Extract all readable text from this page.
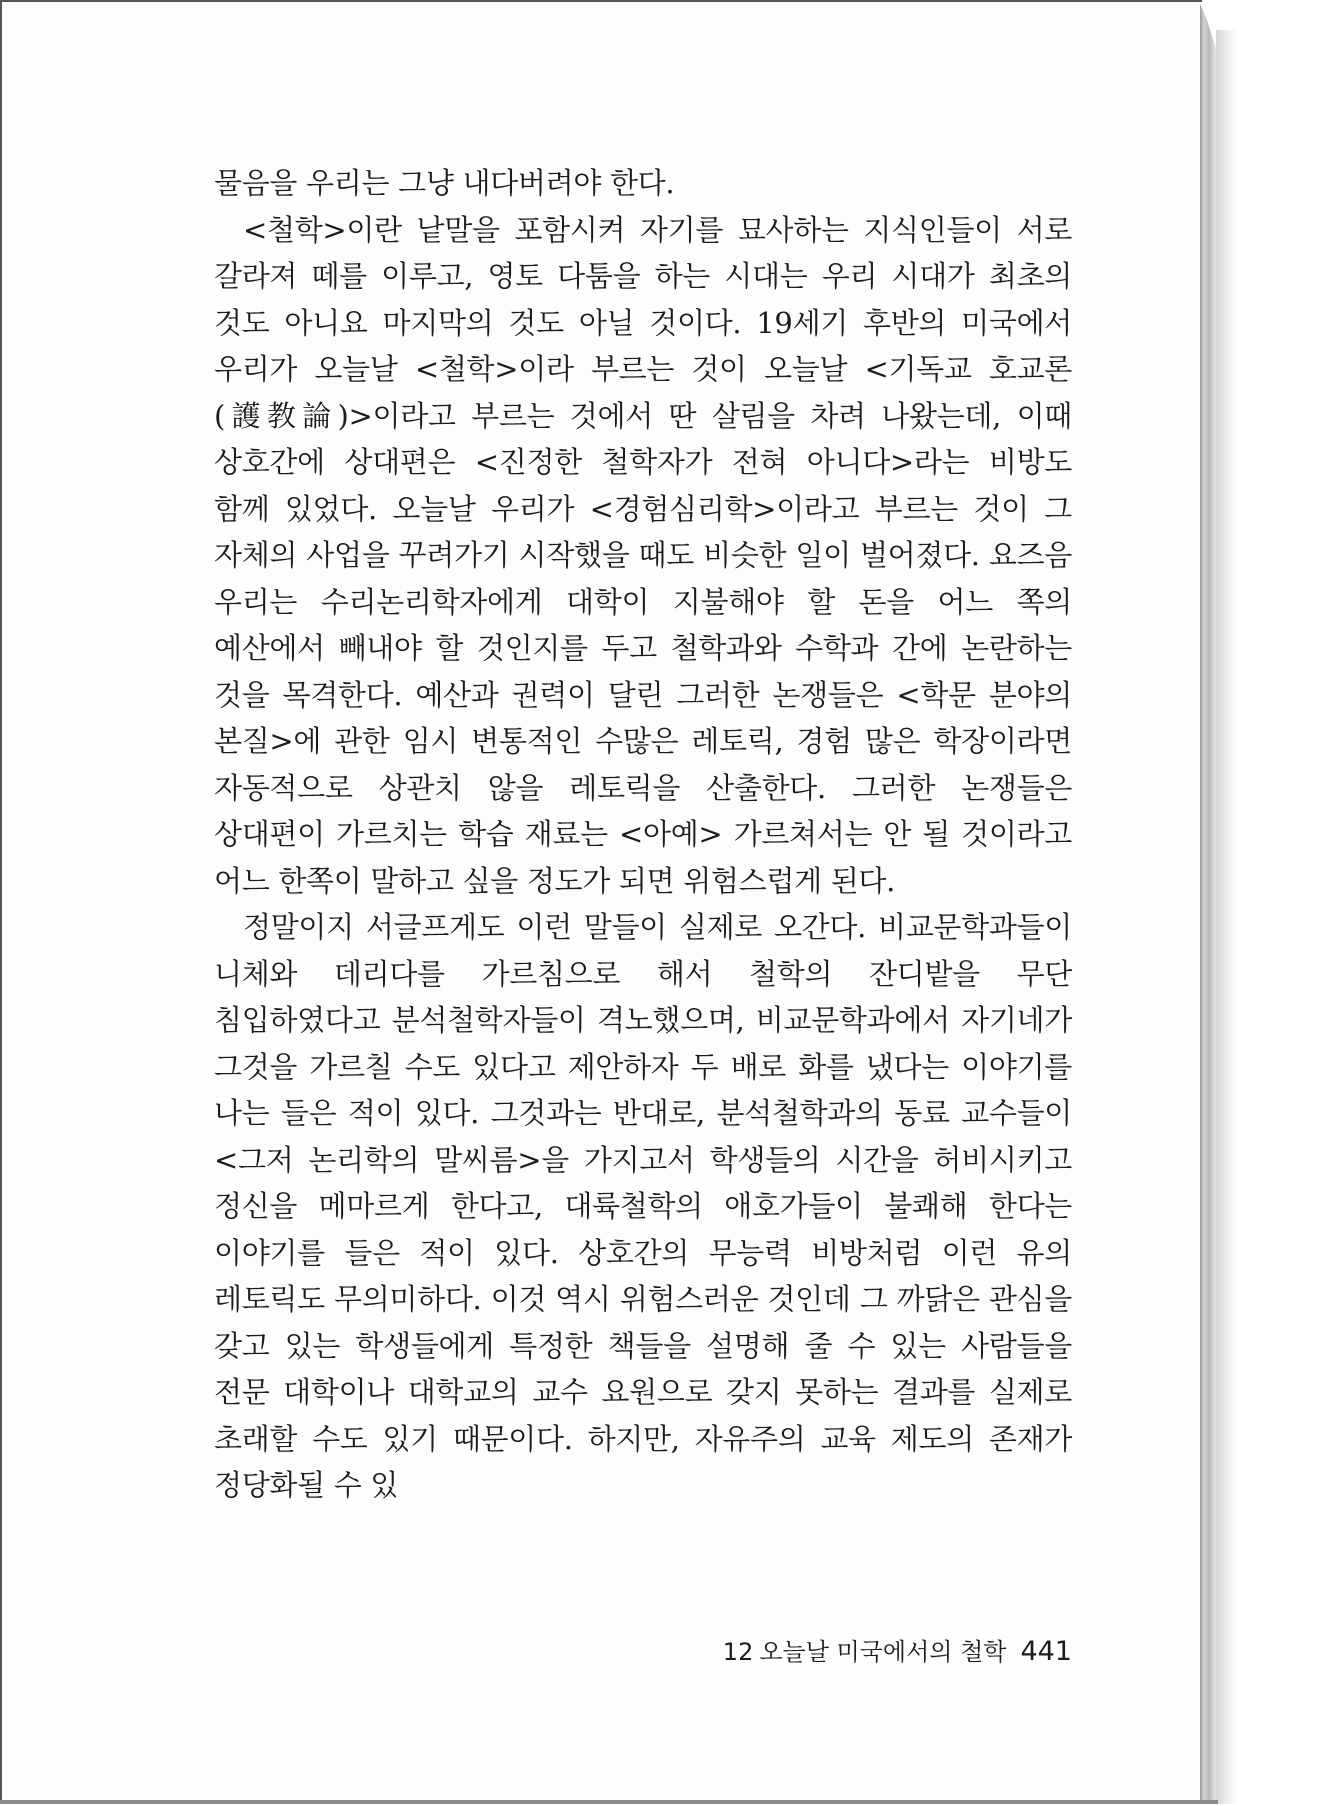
물음을 우리는 그냥 내다버려야 한다.

<철학>이란 낱말을 포함시켜 자기를 묘사하는 지식인들이 서로 갈라져 떼를 이루고, 영토 다툼을 하는 시대는 우리 시대가 최초의 것도 아니요 마지막의 것도 아닐 것이다. 19세기 후반의 미국에서 우리가 오늘날 <철학>이라 부르는 것이 오늘날 <기독교 호교론(護教論)>이라고 부르는 것에서 딴 살림을 차려 나왔는데, 이때 상호간에 상대편은 <진정한 철학자가 전혀 아니다>라는 비방도 함께 있었다. 오늘날 우리가 <경험심리학>이라고 부르는 것이 그 자체의 사업을 꾸려가기 시작했을 때도 비슷한 일이 벌어졌다. 요즈음 우리는 수리논리학자에게 대학이 지불해야 할 돈을 어느 쪽의 예산에서 빼내야 할 것인지를 두고 철학과와 수학과 간에 논란하는 것을 목격한다. 예산과 권력이 달린 그러한 논쟁들은 <학문 분야의 본질>에 관한 임시 변통적인 수많은 레토릭, 경험 많은 학장이라면 자동적으로 상관치 않을 레토릭을 산출한다. 그러한 논쟁들은 상대편이 가르치는 학습 재료는 <아예> 가르쳐서는 안 될 것이라고 어느 한쪽이 말하고 싶을 정도가 되면 위험스럽게 된다.

정말이지 서글프게도 이런 말들이 실제로 오간다. 비교문학과들이 니체와 데리다를 가르침으로 해서 철학의 잔디밭을 무단 침입하였다고 분석철학자들이 격노했으며, 비교문학과에서 자기네가 그것을 가르칠 수도 있다고 제안하자 두 배로 화를 냈다는 이야기를 나는 들은 적이 있다. 그것과는 반대로, 분석철학과의 동료 교수들이 <그저 논리학의 말씨름>을 가지고서 학생들의 시간을 허비시키고 정신을 메마르게 한다고, 대륙철학의 애호가들이 불쾌해 한다는 이야기를 들은 적이 있다. 상호간의 무능력 비방처럼 이런 유의 레토릭도 무의미하다. 이것 역시 위험스러운 것인데 그 까닭은 관심을 갖고 있는 학생들에게 특정한 책들을 설명해 줄 수 있는 사람들을 전문 대학이나 대학교의 교수 요원으로 갖지 못하는 결과를 실제로 초래할 수도 있기 때문이다. 하지만, 자유주의 교육 제도의 존재가 정당화될 수 있

12 오늘날 미국에서의 철학 441
